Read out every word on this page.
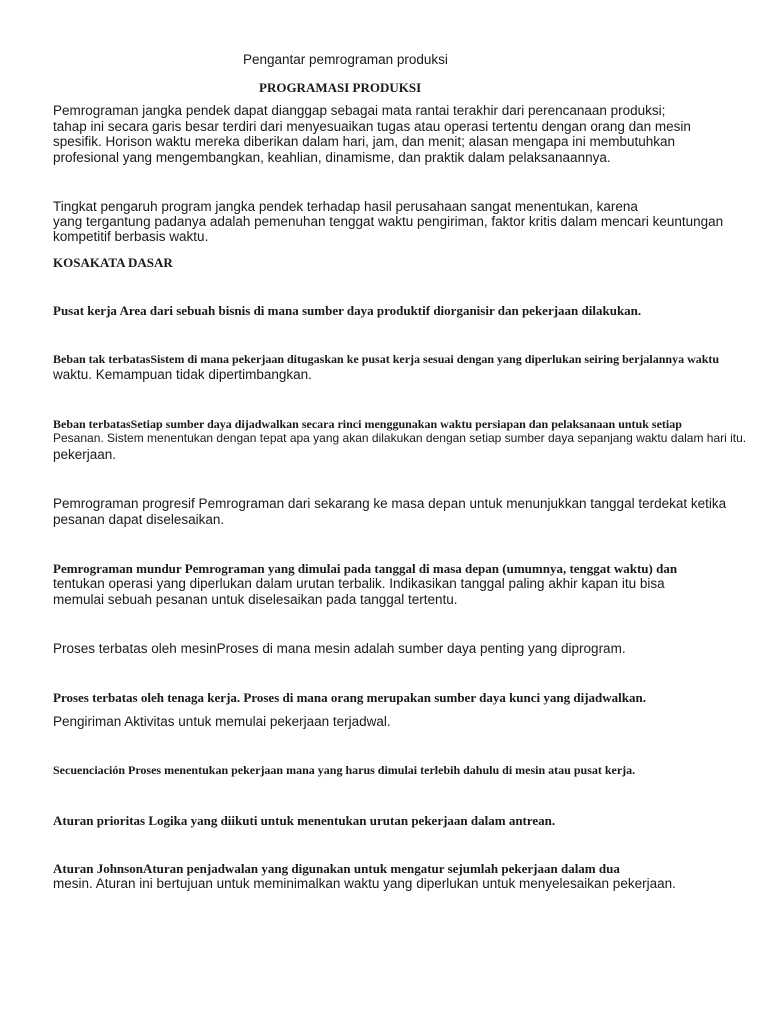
Pengantar pemrograman produksi
PROGRAMASI PRODUKSI
Pemrograman jangka pendek dapat dianggap sebagai mata rantai terakhir dari perencanaan produksi;
tahap ini secara garis besar terdiri dari menyesuaikan tugas atau operasi tertentu dengan orang dan mesin
spesifik. Horison waktu mereka diberikan dalam hari, jam, dan menit; alasan mengapa ini membutuhkan
profesional yang mengembangkan, keahlian, dinamisme, dan praktik dalam pelaksanaannya.
Tingkat pengaruh program jangka pendek terhadap hasil perusahaan sangat menentukan, karena
yang tergantung padanya adalah pemenuhan tenggat waktu pengiriman, faktor kritis dalam mencari keuntungan
kompetitif berbasis waktu.
KOSAKATA DASAR
Pusat kerja Area dari sebuah bisnis di mana sumber daya produktif diorganisir dan pekerjaan dilakukan.
Beban tak terbatasSistem di mana pekerjaan ditugaskan ke pusat kerja sesuai dengan yang diperlukan seiring berjalannya waktu
waktu. Kemampuan tidak dipertimbangkan.
Beban terbatasSetiap sumber daya dijadwalkan secara rinci menggunakan waktu persiapan dan pelaksanaan untuk setiap
Pesanan. Sistem menentukan dengan tepat apa yang akan dilakukan dengan setiap sumber daya sepanjang waktu dalam hari itu.
pekerjaan.
Pemrograman progresif Pemrograman dari sekarang ke masa depan untuk menunjukkan tanggal terdekat ketika
pesanan dapat diselesaikan.
Pemrograman mundur Pemrograman yang dimulai pada tanggal di masa depan (umumnya, tenggat waktu) dan
tentukan operasi yang diperlukan dalam urutan terbalik. Indikasikan tanggal paling akhir kapan itu bisa
memulai sebuah pesanan untuk diselesaikan pada tanggal tertentu.
Proses terbatas oleh mesinProses di mana mesin adalah sumber daya penting yang diprogram.
Proses terbatas oleh tenaga kerja. Proses di mana orang merupakan sumber daya kunci yang dijadwalkan.
Pengiriman Aktivitas untuk memulai pekerjaan terjadwal.
Secuenciación Proses menentukan pekerjaan mana yang harus dimulai terlebih dahulu di mesin atau pusat kerja.
Aturan prioritas Logika yang diikuti untuk menentukan urutan pekerjaan dalam antrean.
Aturan JohnsonAturan penjadwalan yang digunakan untuk mengatur sejumlah pekerjaan dalam dua
mesin. Aturan ini bertujuan untuk meminimalkan waktu yang diperlukan untuk menyelesaikan pekerjaan.
